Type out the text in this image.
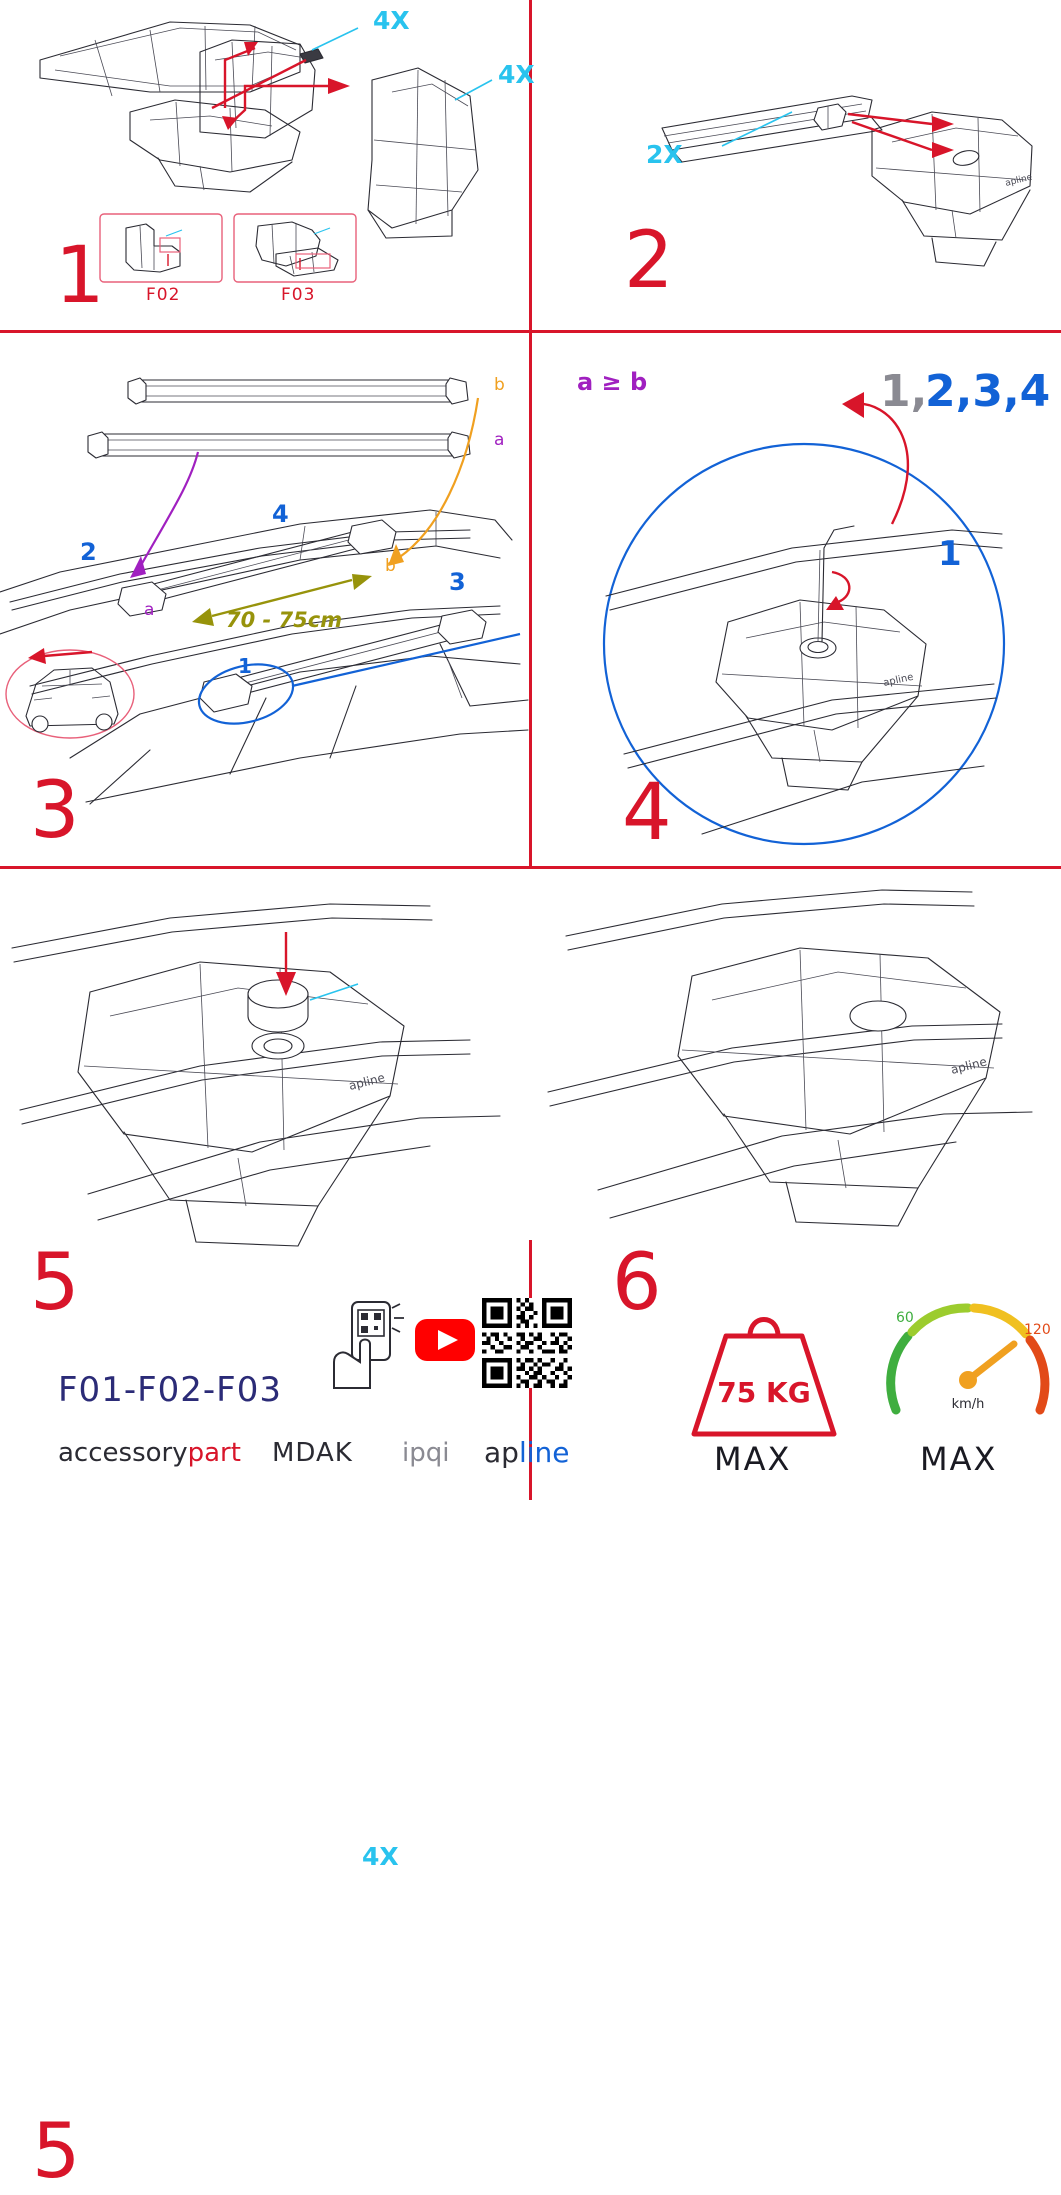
4X
4X
F02	F03
1
apline
2X
2
b
a
a
b
2
3
4
1
70 - 75cm
3
a ≥ b
apline
1,
2,3,4
1
4
apline
4X
5
apline
5
F01-F02-F03
accessorypart MDAK ipqi apline
6
75 KG
MAX
60
120
km/h
MAX
